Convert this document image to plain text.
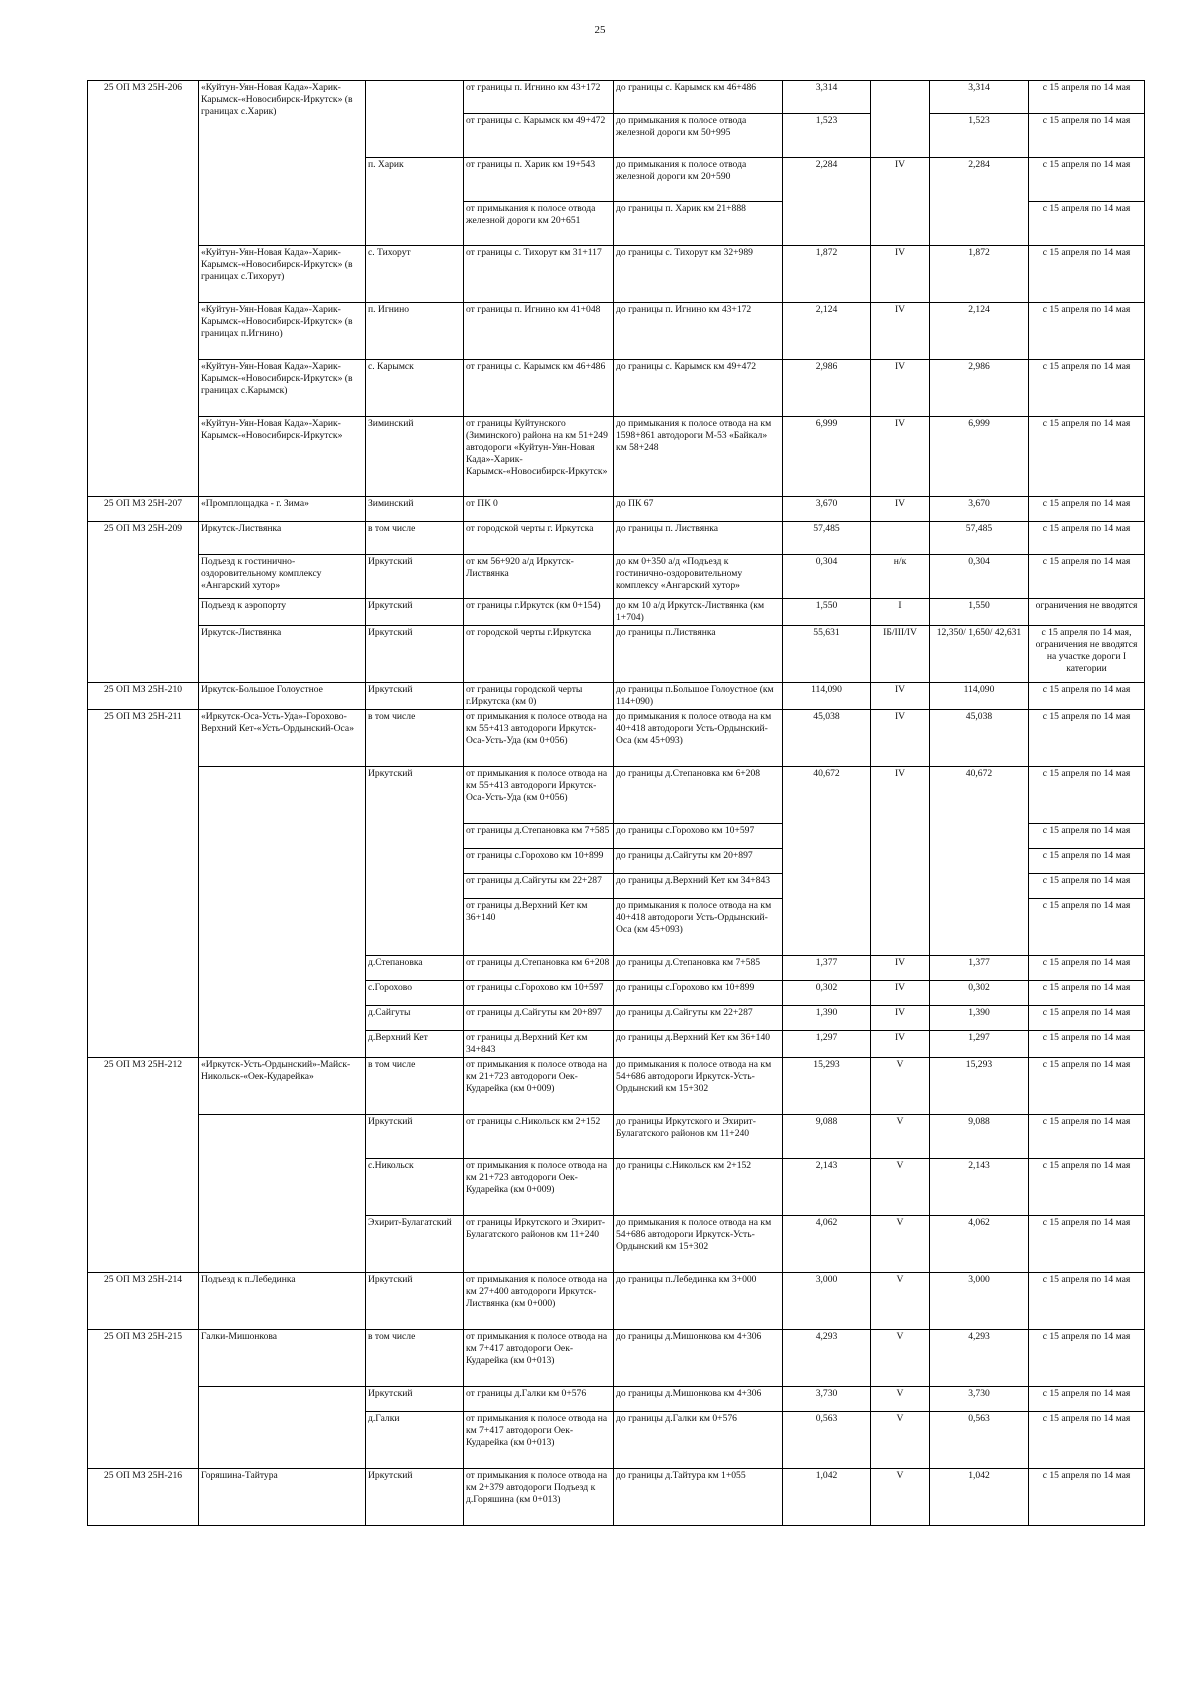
25
25 ОП МЗ 25Н-206	«Куйтун-Уян-Новая Када»-Харик-Карымск-«Новосибирск-Иркутск» (в границах с.Харик)		от границы п. Игнино км 43+172	до границы с. Карымск км 46+486	3,314		3,314	с 15 апреля по 14 мая
			от границы с. Карымск км 49+472	до примыкания к полосе отвода железной дороги км 50+995	1,523		1,523	с 15 апреля по 14 мая
		п. Харик	от границы п. Харик км 19+543	до примыкания к полосе отвода железной дороги км 20+590	2,284	IV	2,284	с 15 апреля по 14 мая
			от примыкания к полосе отвода железной дороги км 20+651	до границы п. Харик км 21+888				с 15 апреля по 14 мая
	«Куйтун-Уян-Новая Када»-Харик-Карымск-«Новосибирск-Иркутск» (в границах с.Тихорут)	с. Тихорут	от границы с. Тихорут км 31+117	до границы с. Тихорут км 32+989	1,872	IV	1,872	с 15 апреля по 14 мая
	«Куйтун-Уян-Новая Када»-Харик-Карымск-«Новосибирск-Иркутск» (в границах п.Игнино)	п. Игнино	от границы п. Игнино км 41+048	до границы п. Игнино км 43+172	2,124	IV	2,124	с 15 апреля по 14 мая
	«Куйтун-Уян-Новая Када»-Харик-Карымск-«Новосибирск-Иркутск» (в границах с.Карымск)	с. Карымск	от границы с. Карымск км 46+486	до границы с. Карымск км 49+472	2,986	IV	2,986	с 15 апреля по 14 мая
	«Куйтун-Уян-Новая Када»-Харик-Карымск-«Новосибирск-Иркутск»	Зиминский	от границы Куйтунского (Зиминского) района на км 51+249 автодороги «Куйтун-Уян-Новая Када»-Харик-Карымск-«Новосибирск-Иркутск»	до примыкания к полосе отвода на км 1598+861 автодороги М-53 «Байкал» км 58+248	6,999	IV	6,999	с 15 апреля по 14 мая
25 ОП МЗ 25Н-207	«Промплощадка - г. Зима»	Зиминский	от ПК 0	до ПК 67	3,670	IV	3,670	с 15 апреля по 14 мая
25 ОП МЗ 25Н-209	Иркутск-Листвянка	в том числе	от городской черты г. Иркутска	до границы п. Листвянка	57,485		57,485	с 15 апреля по 14 мая
	Подъезд к гостинично-оздоровительному комплексу «Ангарский хутор»	Иркутский	от км 56+920 а/д Иркутск-Листвянка	до км 0+350 а/д «Подъезд к гостинично-оздоровительному комплексу «Ангарский хутор»	0,304	н/к	0,304	с 15 апреля по 14 мая
	Подъезд к аэропорту	Иркутский	от границы г.Иркутск (км 0+154)	до км 10 а/д Иркутск-Листвянка (км 1+704)	1,550	I	1,550	ограничения не вводятся
	Иркутск-Листвянка	Иркутский	от городской черты г.Иркутска	до границы п.Листвянка	55,631	IБ/III/IV	12,350/ 1,650/ 42,631	с 15 апреля по 14 мая, ограничения не вводятся на участке дороги I категории
25 ОП МЗ 25Н-210	Иркутск-Большое Голоустное	Иркутский	от границы городской черты г.Иркутска (км 0)	до границы п.Большое Голоустное (км 114+090)	114,090	IV	114,090	с 15 апреля по 14 мая
25 ОП МЗ 25Н-211	«Иркутск-Оса-Усть-Уда»-Горохово-Верхний Кет-«Усть-Ордынский-Оса»	в том числе	от примыкания к полосе отвода на км 55+413 автодороги Иркутск-Оса-Усть-Уда (км 0+056)	до примыкания к полосе отвода на км 40+418 автодороги Усть-Ордынский-Оса (км 45+093)	45,038	IV	45,038	с 15 апреля по 14 мая
		Иркутский	от примыкания к полосе отвода на км 55+413 автодороги Иркутск-Оса-Усть-Уда (км 0+056)	до границы д.Степановка км 6+208	40,672	IV	40,672	с 15 апреля по 14 мая
			от границы д.Степановка км 7+585	до границы с.Горохово км 10+597				с 15 апреля по 14 мая
			от границы с.Горохово км 10+899	до границы д.Сайгуты км 20+897				с 15 апреля по 14 мая
			от границы д.Сайгуты км 22+287	до границы д.Верхний Кет км 34+843				с 15 апреля по 14 мая
			от границы д.Верхний Кет км 36+140	до примыкания к полосе отвода на км 40+418 автодороги Усть-Ордынский-Оса (км 45+093)				с 15 апреля по 14 мая
		д.Степановка	от границы д.Степановка км 6+208	до границы д.Степановка км 7+585	1,377	IV	1,377	с 15 апреля по 14 мая
		с.Горохово	от границы с.Горохово км 10+597	до границы с.Горохово км 10+899	0,302	IV	0,302	с 15 апреля по 14 мая
		д.Сайгуты	от границы д.Сайгуты км 20+897	до границы д.Сайгуты км 22+287	1,390	IV	1,390	с 15 апреля по 14 мая
		д.Верхний Кет	от границы д.Верхний Кет км 34+843	до границы д.Верхний Кет км 36+140	1,297	IV	1,297	с 15 апреля по 14 мая
25 ОП МЗ 25Н-212	«Иркутск-Усть-Ордынский»-Майск-Никольск-«Оек-Кударейка»	в том числе	от примыкания к полосе отвода на км 21+723 автодороги Оек-Кударейка (км 0+009)	до примыкания к полосе отвода на км 54+686 автодороги Иркутск-Усть-Ордынский км 15+302	15,293	V	15,293	с 15 апреля по 14 мая
		Иркутский	от границы с.Никольск км 2+152	до границы Иркутского и Эхирит-Булагатского районов км 11+240	9,088	V	9,088	с 15 апреля по 14 мая
		с.Никольск	от примыкания к полосе отвода на км 21+723 автодороги Оек-Кударейка (км 0+009)	до границы с.Никольск км 2+152	2,143	V	2,143	с 15 апреля по 14 мая
		Эхирит-Булагатский	от границы Иркутского и Эхирит-Булагатского районов км 11+240	до примыкания к полосе отвода на км 54+686 автодороги Иркутск-Усть-Ордынский км 15+302	4,062	V	4,062	с 15 апреля по 14 мая
25 ОП МЗ 25Н-214	Подъезд к п.Лебединка	Иркутский	от примыкания к полосе отвода на км 27+400 автодороги Иркутск-Листвянка (км 0+000)	до границы п.Лебединка км 3+000	3,000	V	3,000	с 15 апреля по 14 мая
25 ОП МЗ 25Н-215	Галки-Мишонкова	в том числе	от примыкания к полосе отвода на км 7+417 автодороги Оек-Кударейка (км 0+013)	до границы д.Мишонкова км 4+306	4,293	V	4,293	с 15 апреля по 14 мая
		Иркутский	от границы д.Галки км 0+576	до границы д.Мишонкова км 4+306	3,730	V	3,730	с 15 апреля по 14 мая
		д.Галки	от примыкания к полосе отвода на км 7+417 автодороги Оек-Кударейка (км 0+013)	до границы д.Галки км 0+576	0,563	V	0,563	с 15 апреля по 14 мая
25 ОП МЗ 25Н-216	Горяшина-Тайтура	Иркутский	от примыкания к полосе отвода на км 2+379 автодороги Подъезд к д.Горяшина (км 0+013)	до границы д.Тайтура км 1+055	1,042	V	1,042	с 15 апреля по 14 мая
